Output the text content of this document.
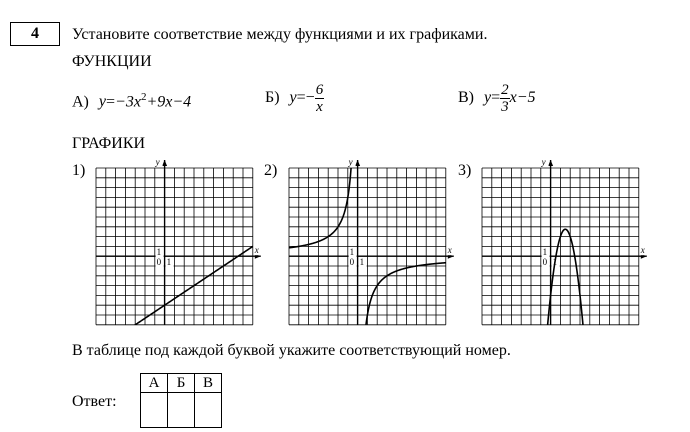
4	Установите соответствие между функциями и их графиками.
ФУНКЦИИ
А) $y=-3x^2+9x-4$	Б) $y=- \frac{6}{x}$	В) $y= \frac{2}{3} x-5$
ГРАФИКИ
1)	2)	3)
y
x
0 1
1
y
x
0 1
1
y
x
0 1
1
В таблице под каждой буквой укажите соответствующий номер.
Ответ:
А	Б	В
